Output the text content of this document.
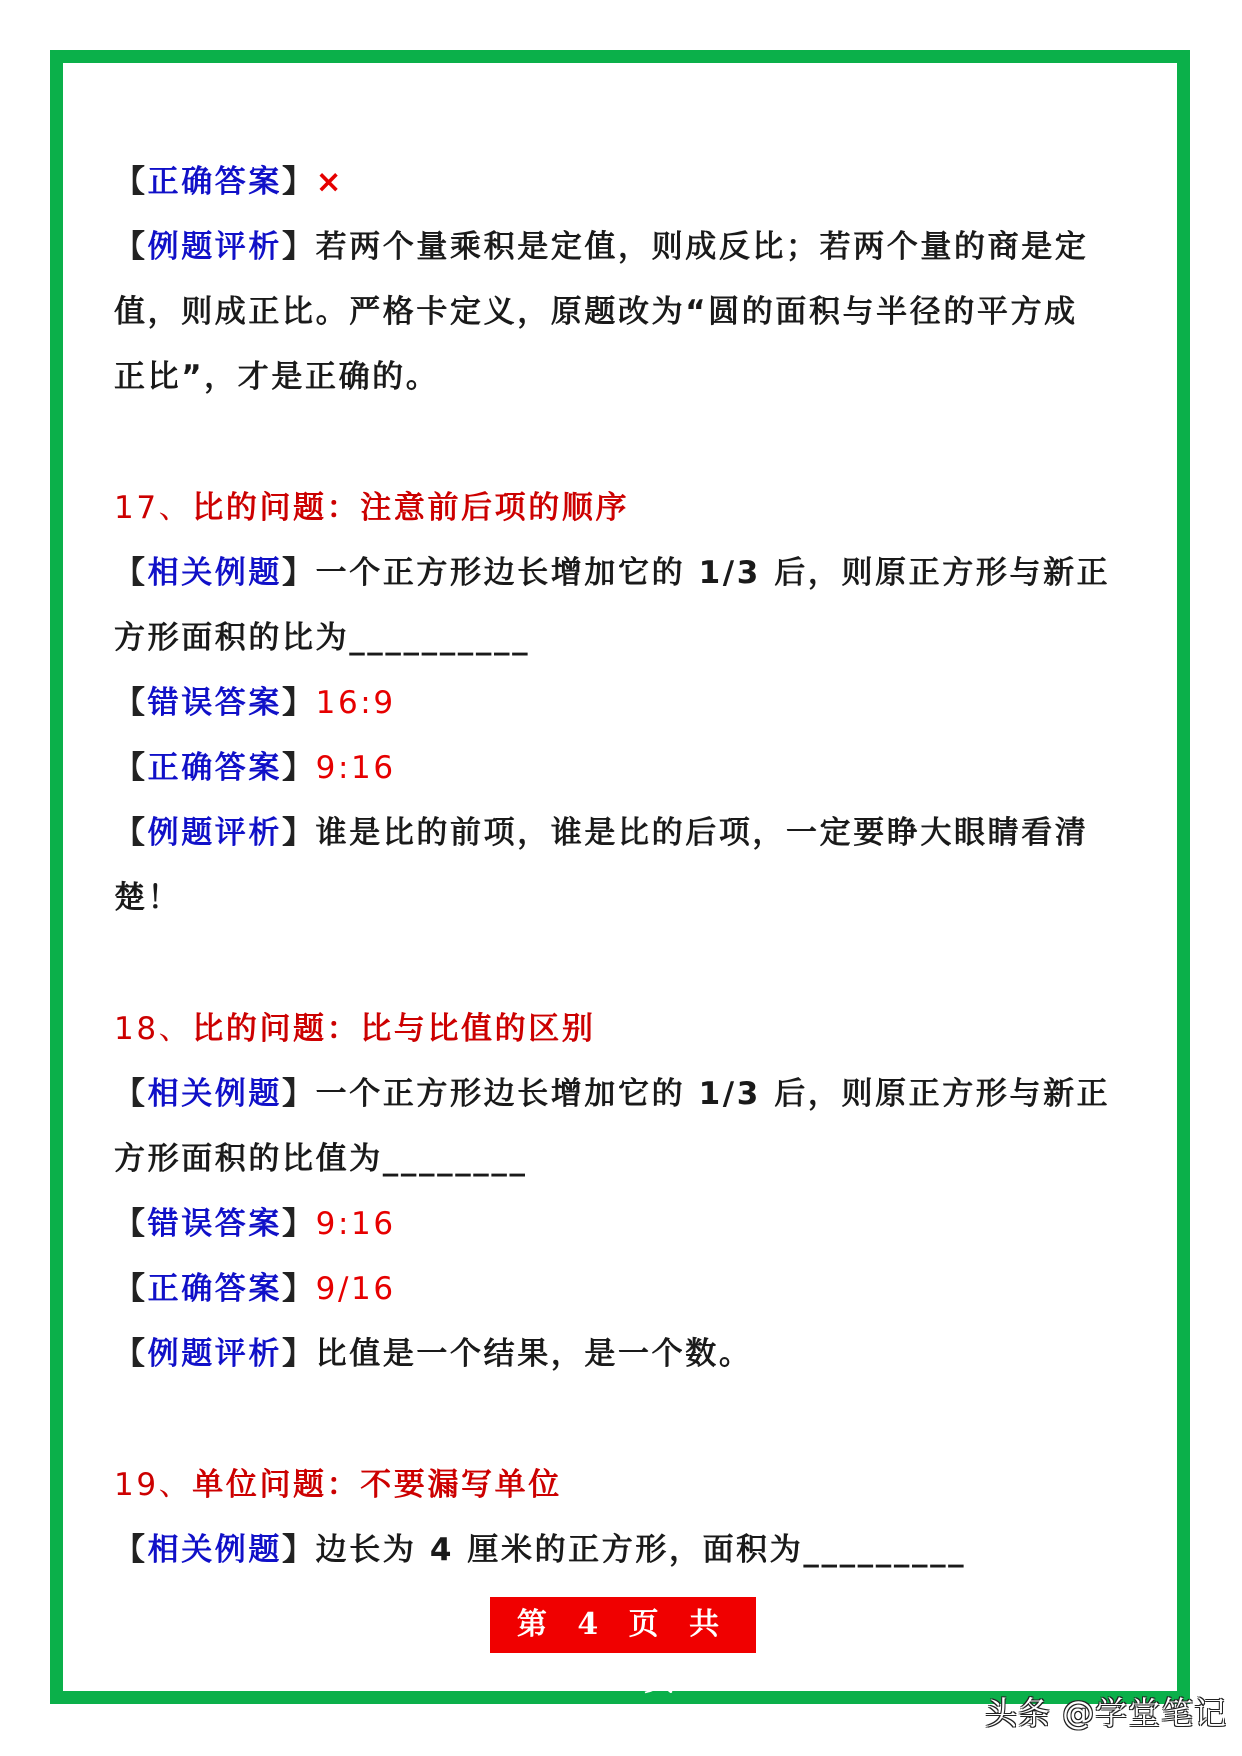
【正确答案】×
【例题评析】若两个量乘积是定值，则成反比；若两个量的商是定
值，则成正比。严格卡定义，原题改为“圆的面积与半径的平方成
正比”，才是正确的。
17、比的问题：注意前后项的顺序
【相关例题】一个正方形边长增加它的 1/3 后，则原正方形与新正
方形面积的比为__________
【错误答案】16:9
【正确答案】9:16
【例题评析】谁是比的前项，谁是比的后项，一定要睁大眼睛看清
楚！
18、比的问题：比与比值的区别
【相关例题】一个正方形边长增加它的 1/3 后，则原正方形与新正
方形面积的比值为________
【错误答案】9:16
【正确答案】9/16
【例题评析】比值是一个结果，是一个数。
19、单位问题：不要漏写单位
【相关例题】边长为 4 厘米的正方形，面积为_________
第 4 页 共 14 页
头条 @学堂笔记
